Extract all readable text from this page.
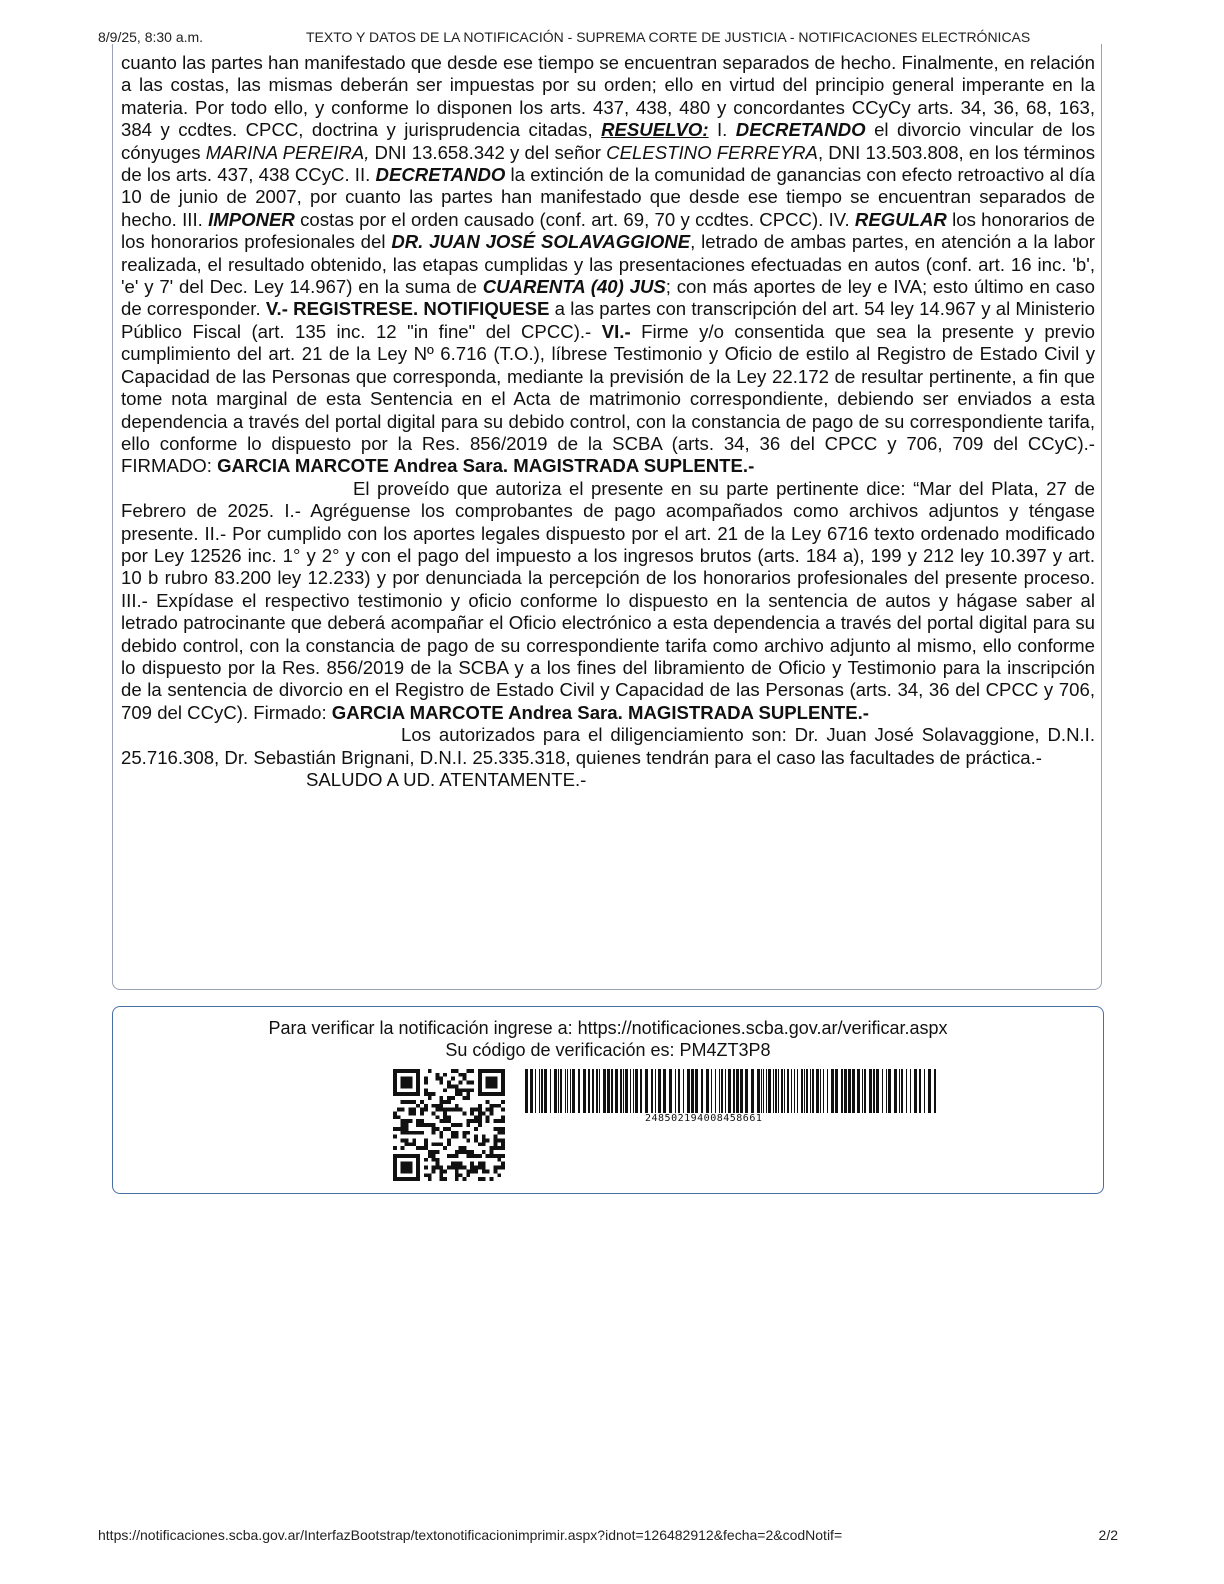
8/9/25, 8:30 a.m.	TEXTO Y DATOS DE LA NOTIFICACIÓN - SUPREMA CORTE DE JUSTICIA - NOTIFICACIONES ELECTRÓNICAS

cuanto las partes han manifestado que desde ese tiempo se encuentran separados de hecho. Finalmente, en relación a las costas, las mismas deberán ser impuestas por su orden; ello en virtud del principio general imperante en la materia. Por todo ello, y conforme lo disponen los arts. 437, 438, 480 y concordantes CCyCy arts. 34, 36, 68, 163, 384 y ccdtes. CPCC, doctrina y jurisprudencia citadas, RESUELVO: I. DECRETANDO el divorcio vincular de los cónyuges MARINA PEREIRA, DNI 13.658.342 y del señor CELESTINO FERREYRA, DNI 13.503.808, en los términos de los arts. 437, 438 CCyC. II. DECRETANDO la extinción de la comunidad de ganancias con efecto retroactivo al día 10 de junio de 2007, por cuanto las partes han manifestado que desde ese tiempo se encuentran separados de hecho. III. IMPONER costas por el orden causado (conf. art. 69, 70 y ccdtes. CPCC). IV. REGULAR los honorarios de los honorarios profesionales del DR. JUAN JOSÉ SOLAVAGGIONE, letrado de ambas partes, en atención a la labor realizada, el resultado obtenido, las etapas cumplidas y las presentaciones efectuadas en autos (conf. art. 16 inc. 'b', 'e' y 7' del Dec. Ley 14.967) en la suma de CUARENTA (40) JUS; con más aportes de ley e IVA; esto último en caso de corresponder. V.- REGISTRESE. NOTIFIQUESE a las partes con transcripción del art. 54 ley 14.967 y al Ministerio Público Fiscal (art. 135 inc. 12 "in fine" del CPCC).- VI.- Firme y/o consentida que sea la presente y previo cumplimiento del art. 21 de la Ley Nº 6.716 (T.O.), líbrese Testimonio y Oficio de estilo al Registro de Estado Civil y Capacidad de las Personas que corresponda, mediante la previsión de la Ley 22.172 de resultar pertinente, a fin que tome nota marginal de esta Sentencia en el Acta de matrimonio correspondiente, debiendo ser enviados a esta dependencia a través del portal digital para su debido control, con la constancia de pago de su correspondiente tarifa, ello conforme lo dispuesto por la Res. 856/2019 de la SCBA (arts. 34, 36 del CPCC y 706, 709 del CCyC).- FIRMADO: GARCIA MARCOTE Andrea Sara. MAGISTRADA SUPLENTE.-

El proveído que autoriza el presente en su parte pertinente dice: “Mar del Plata, 27 de Febrero de 2025. I.- Agréguense los comprobantes de pago acompañados como archivos adjuntos y téngase presente. II.- Por cumplido con los aportes legales dispuesto por el art. 21 de la Ley 6716 texto ordenado modificado por Ley 12526 inc. 1° y 2° y con el pago del impuesto a los ingresos brutos (arts. 184 a), 199 y 212 ley 10.397 y art. 10 b rubro 83.200 ley 12.233) y por denunciada la percepción de los honorarios profesionales del presente proceso. III.- Expídase el respectivo testimonio y oficio conforme lo dispuesto en la sentencia de autos y hágase saber al letrado patrocinante que deberá acompañar el Oficio electrónico a esta dependencia a través del portal digital para su debido control, con la constancia de pago de su correspondiente tarifa como archivo adjunto al mismo, ello conforme lo dispuesto por la Res. 856/2019 de la SCBA y a los fines del libramiento de Oficio y Testimonio para la inscripción de la sentencia de divorcio en el Registro de Estado Civil y Capacidad de las Personas (arts. 34, 36 del CPCC y 706, 709 del CCyC). Firmado: GARCIA MARCOTE Andrea Sara. MAGISTRADA SUPLENTE.-

Los autorizados para el diligenciamiento son: Dr. Juan José Solavaggione, D.N.I. 25.716.308, Dr. Sebastián Brignani, D.N.I. 25.335.318, quienes tendrán para el caso las facultades de práctica.-

SALUDO A UD. ATENTAMENTE.-

Para verificar la notificación ingrese a: https://notificaciones.scba.gov.ar/verificar.aspx
Su código de verificación es: PM4ZT3P8
248502194008458661
https://notificaciones.scba.gov.ar/InterfazBootstrap/textonotificacionimprimir.aspx?idnot=126482912&fecha=2&codNotif=	2/2
